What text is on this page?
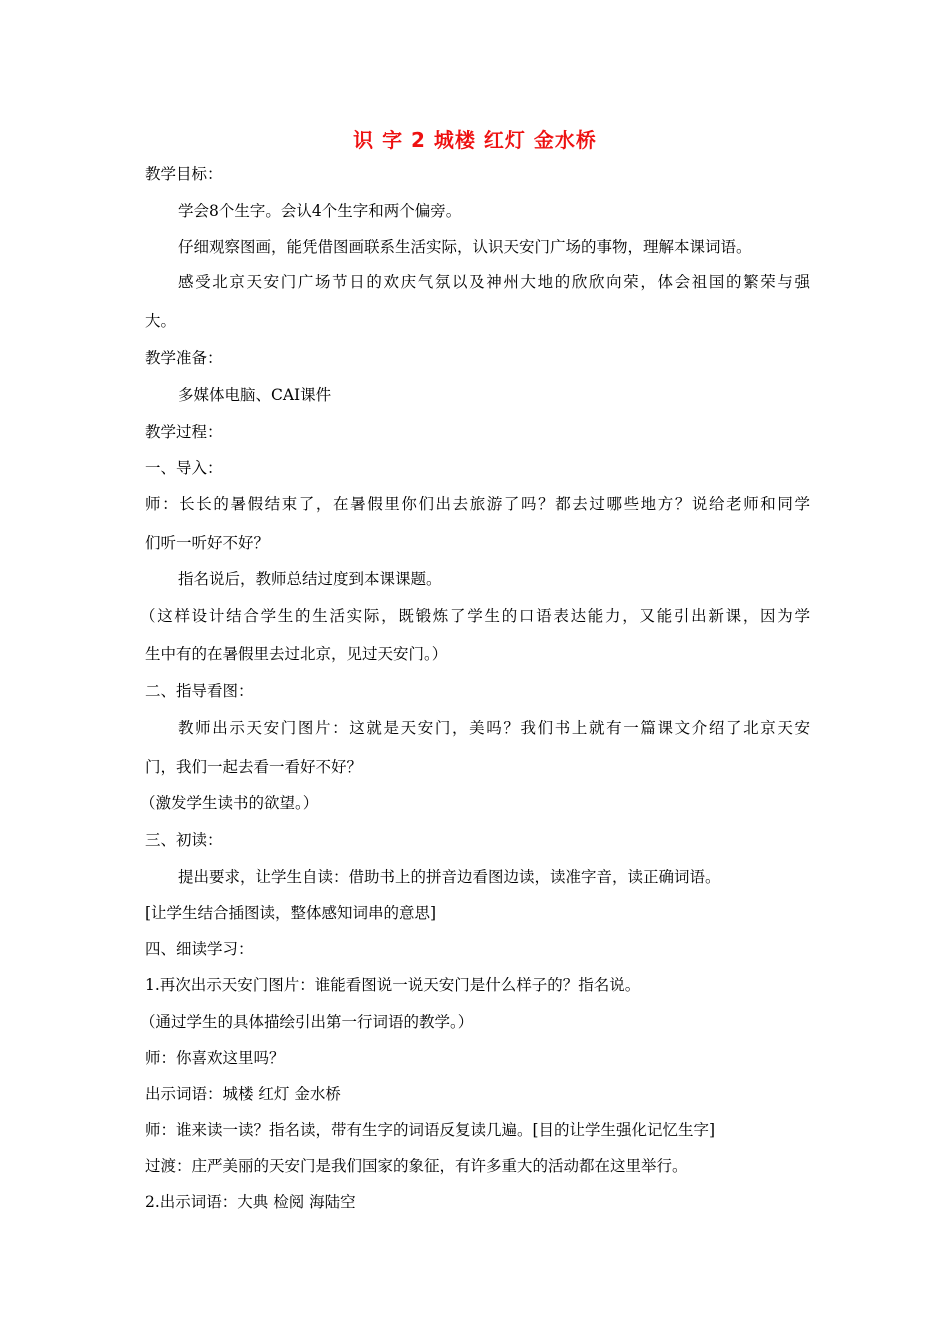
识 字 2 城楼 红灯 金水桥
教学目标：
学会8个生字。会认4个生字和两个偏旁。
仔细观察图画，能凭借图画联系生活实际，认识天安门广场的事物，理解本课词语。
感受北京天安门广场节日的欢庆气氛以及神州大地的欣欣向荣，体会祖国的繁荣与强
大。
教学准备：
多媒体电脑、CAI课件
教学过程：
一、导入：
师：长长的暑假结束了，在暑假里你们出去旅游了吗？都去过哪些地方？说给老师和同学
们听一听好不好？
指名说后，教师总结过度到本课课题。
（这样设计结合学生的生活实际，既锻炼了学生的口语表达能力，又能引出新课，因为学
生中有的在暑假里去过北京，见过天安门。）
二、指导看图：
教师出示天安门图片：这就是天安门，美吗？我们书上就有一篇课文介绍了北京天安
门，我们一起去看一看好不好？
（激发学生读书的欲望。）
三、初读：
提出要求，让学生自读：借助书上的拼音边看图边读，读准字音，读正确词语。
[让学生结合插图读，整体感知词串的意思]
四、细读学习：
1.再次出示天安门图片：谁能看图说一说天安门是什么样子的？指名说。
（通过学生的具体描绘引出第一行词语的教学。）
师：你喜欢这里吗？
出示词语：城楼 红灯 金水桥
师：谁来读一读？指名读，带有生字的词语反复读几遍。[目的让学生强化记忆生字]
过渡：庄严美丽的天安门是我们国家的象征，有许多重大的活动都在这里举行。
2.出示词语：大典 检阅 海陆空
